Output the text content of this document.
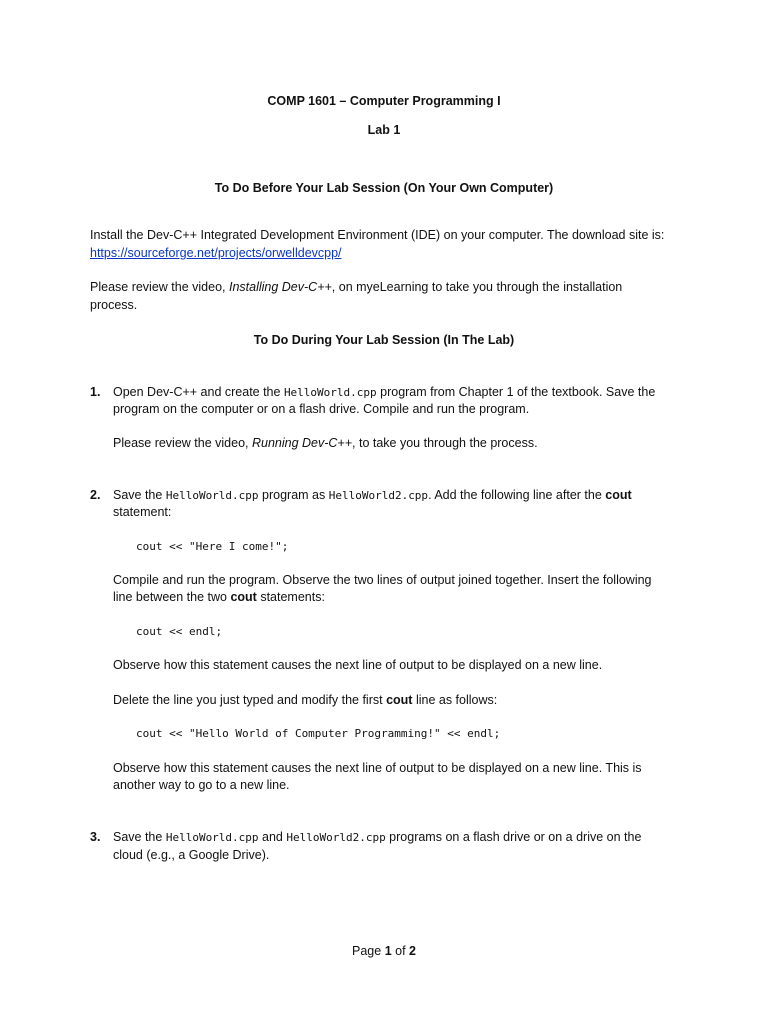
COMP 1601 – Computer Programming I

Lab 1

To Do Before Your Lab Session (On Your Own Computer)

Install the Dev-C++ Integrated Development Environment (IDE) on your computer. The download site is:

https://sourceforge.net/projects/orwelldevcpp/

Please review the video, Installing Dev-C++, on myeLearning to take you through the installation

process.

To Do During Your Lab Session (In The Lab)

1. Open Dev-C++ and create the HelloWorld.cpp program from Chapter 1 of the textbook. Save the

program on the computer or on a flash drive. Compile and run the program.

Please review the video, Running Dev-C++, to take you through the process.

2. Save the HelloWorld.cpp program as HelloWorld2.cpp. Add the following line after the cout

statement:

cout << "Here I come!";

Compile and run the program. Observe the two lines of output joined together. Insert the following

line between the two cout statements:

cout << endl;

Observe how this statement causes the next line of output to be displayed on a new line.

Delete the line you just typed and modify the first cout line as follows:

cout << "Hello World of Computer Programming!" << endl;

Observe how this statement causes the next line of output to be displayed on a new line. This is

another way to go to a new line.

3. Save the HelloWorld.cpp and HelloWorld2.cpp programs on a flash drive or on a drive on the

cloud (e.g., a Google Drive).

Page 1 of 2
